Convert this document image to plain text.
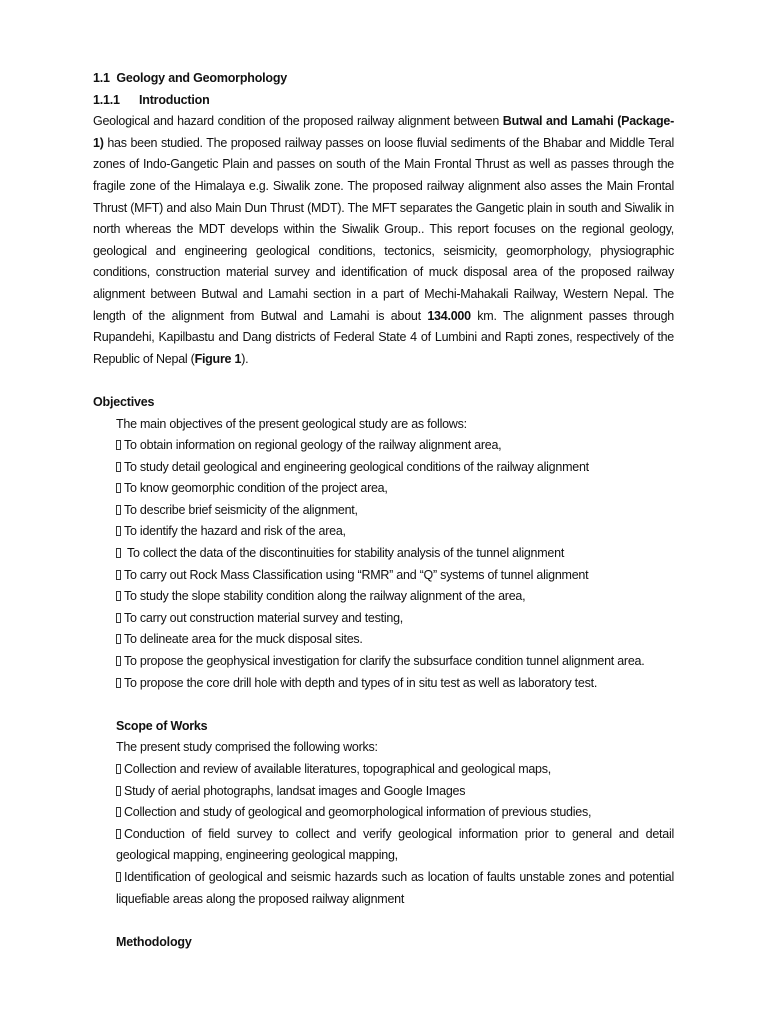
1.1 Geology and Geomorphology

1.1.1 Introduction

Geological and hazard condition of the proposed railway alignment between Butwal and Lamahi (Package-1) has been studied. The proposed railway passes on loose fluvial sediments of the Bhabar and Middle Teral zones of Indo-Gangetic Plain and passes on south of the Main Frontal Thrust as well as passes through the fragile zone of the Himalaya e.g. Siwalik zone. The proposed railway alignment also asses the Main Frontal Thrust (MFT) and also Main Dun Thrust (MDT). The MFT separates the Gangetic plain in south and Siwalik in north whereas the MDT develops within the Siwalik Group.. This report focuses on the regional geology, geological and engineering geological conditions, tectonics, seismicity, geomorphology, physiographic conditions, construction material survey and identification of muck disposal area of the proposed railway alignment between Butwal and Lamahi section in a part of Mechi-Mahakali Railway, Western Nepal. The length of the alignment from Butwal and Lamahi is about 134.000 km. The alignment passes through Rupandehi, Kapilbastu and Dang districts of Federal State 4 of Lumbini and Rapti zones, respectively of the Republic of Nepal (Figure 1).

Objectives

The main objectives of the present geological study are as follows:

To obtain information on regional geology of the railway alignment area,

To study detail geological and engineering geological conditions of the railway alignment

To know geomorphic condition of the project area,

To describe brief seismicity of the alignment,

To identify the hazard and risk of the area,

To collect the data of the discontinuities for stability analysis of the tunnel alignment

To carry out Rock Mass Classification using “RMR” and “Q” systems of tunnel alignment

To study the slope stability condition along the railway alignment of the area,

To carry out construction material survey and testing,

To delineate area for the muck disposal sites.

To propose the geophysical investigation for clarify the subsurface condition tunnel alignment area.

To propose the core drill hole with depth and types of in situ test as well as laboratory test.

Scope of Works

The present study comprised the following works:

Collection and review of available literatures, topographical and geological maps,

Study of aerial photographs, landsat images and Google Images

Collection and study of geological and geomorphological information of previous studies,

Conduction of field survey to collect and verify geological information prior to general and detail geological mapping, engineering geological mapping,

Identification of geological and seismic hazards such as location of faults unstable zones and potential liquefiable areas along the proposed railway alignment

Methodology
